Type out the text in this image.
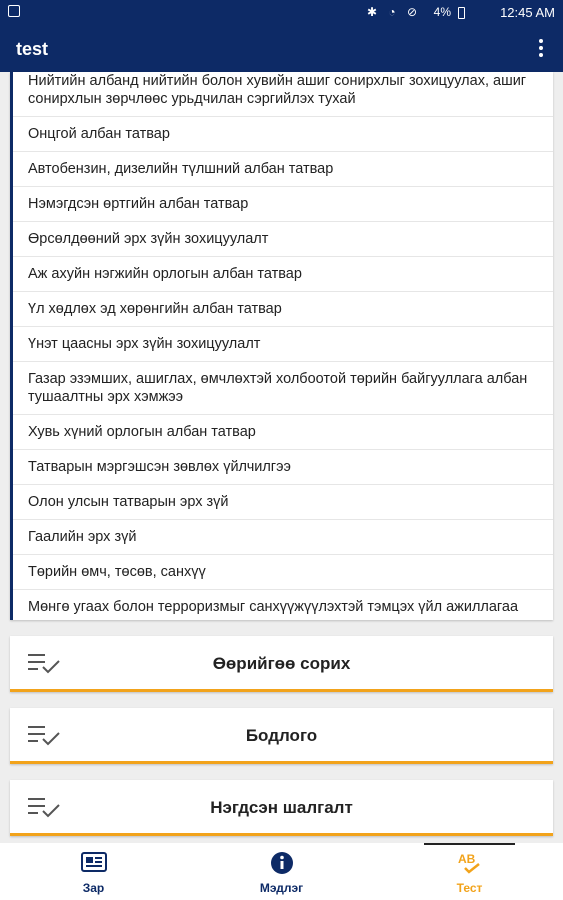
✱ ◔ ⊘ 4%	12:45 AM
test
Нийтийн албанд нийтийн болон хувийн ашиг сонирхлыг зохицуулах, ашиг сонирхлын зөрчлөөс урьдчилан сэргийлэх тухай
Онцгой албан татвар
Автобензин, дизелийн түлшний албан татвар
Нэмэгдсэн өртгийн албан татвар
Өрсөлдөөний эрх зүйн зохицуулалт
Аж ахуйн нэгжийн орлогын албан татвар
Үл хөдлөх эд хөрөнгийн албан татвар
Үнэт цаасны эрх зүйн зохицуулалт
Газар эзэмших, ашиглах, өмчлөхтэй холбоотой төрийн байгууллага албан тушаалтны эрх хэмжээ
Хувь хүний орлогын албан татвар
Татварын мэргэшсэн зөвлөх үйлчилгээ
Олон улсын татварын эрх зүй
Гаалийн эрх зүй
Төрийн өмч, төсөв, санхүү
Мөнгө угаах болон терроризмыг санхүүжүүлэхтэй тэмцэх үйл ажиллагаа
Өөрийгөө сорих
Бодлого
Нэгдсэн шалгалт
Зар	Мэдлэг
AB
Тест
